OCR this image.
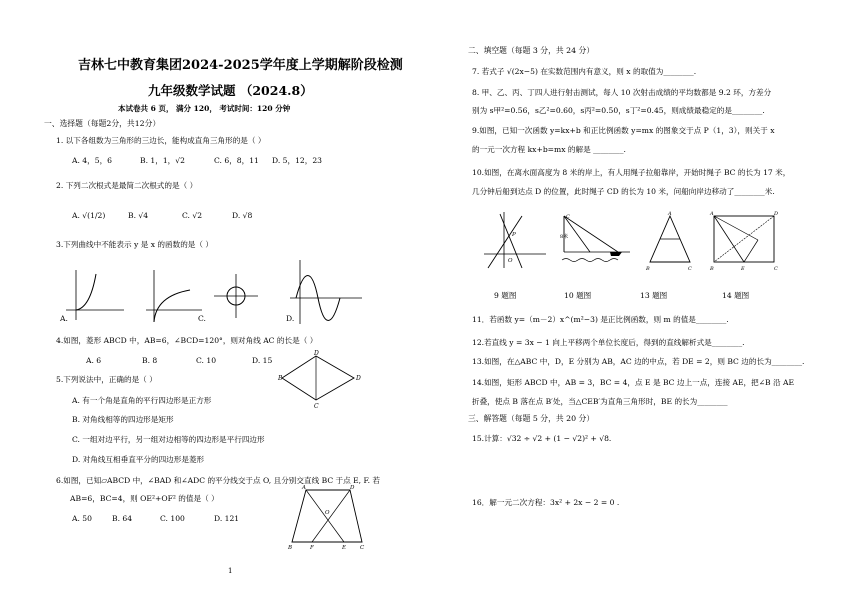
吉林七中教育集团2024-2025学年度上学期解阶段检测
九年级数学试题 （2024.8）
本试卷共 6 页， 满分 120， 考试时间：120 分钟
一、选择题（每题2分，共12分）
1. 以下各组数为三角形的三边长，能构成直角三角形的是（ ）
A. 4，5，6	B. 1，1，√2	C. 6，8，11 D. 5，12，23
2. 下列二次根式是最简二次根式的是（ ）
A. √(1/2)	B. √4	C. √2	D. √8
3.下列曲线中不能表示 y 是 x 的函数的是（ ）
A.	C.	D.
4.如图，菱形 ABCD 中，AB=6，∠BCD=120°，则对角线 AC 的长是（ ）
A. 6	B. 8	C. 10	D. 15
D
B	D
C
5.下列说法中，正确的是（ ）
A. 有一个角是直角的平行四边形是正方形
B. 对角线相等的四边形是矩形
C. 一组对边平行，另一组对边相等的四边形是平行四边形
D. 对角线互相垂直平分的四边形是菱形
6.如图，已知▱ABCD 中，∠BAD 和∠ADC 的平分线交于点 O, 且分别交直线 BC 于点 E, F. 若
AB=6，BC=4，则 OE²+OF² 的值是（ ）
A. 50	B. 64	C. 100	D. 121
A	D
O
B	F	E	C
1
二、填空题（每题 3 分，共 24 分）
7. 若式子 √(2x−5) 在实数范围内有意义，则 x 的取值为________.
8. 甲、乙、丙、丁四人进行射击测试，每人 10 次射击成绩的平均数都是 9.2 环，方差分
别为 s甲²=0.56，s乙²=0.60，s丙²=0.50，s丁²=0.45，则成绩最稳定的是________.
9.如图，已知一次函数 y=kx+b 和正比例函数 y=mx 的图象交于点 P（1，3），则关于 x
的一元一次方程 kx+b=mx 的解是 ________.
10.如图，在离水面高度为 8 米的岸上，有人用绳子拉船靠岸，开始时绳子 BC 的长为 17 米，
几分钟后船到达点 D 的位置，此时绳子 CD 的长为 10 米，问船向岸边移动了________米.
P
O
9 题图
C
8米
10 题图
A
B	C
13 题图
A	D
B	E	C
14 题图
11．若函数 y=（m－2）x^(m²−3) 是正比例函数，则 m 的值是________.
12.若直线 y = 3x − 1 向上平移两个单位长度后，得到的直线解析式是________.
13.如图，在△ABC 中，D，E 分别为 AB，AC 边的中点，若 DE = 2，则 BC 边的长为________.
14.如图，矩形 ABCD 中，AB = 3，BC = 4，点 E 是 BC 边上一点，连接 AE，把∠B 沿 AE
折叠，使点 B 落在点 B′处，当△CEB′为直角三角形时，BE 的长为________
三、解答题（每题 5 分，共 20 分）
15.计算：√32 ÷ √2 + (1 − √2)² + √8.
16．解一元二次方程：3x² + 2x − 2 = 0 .
